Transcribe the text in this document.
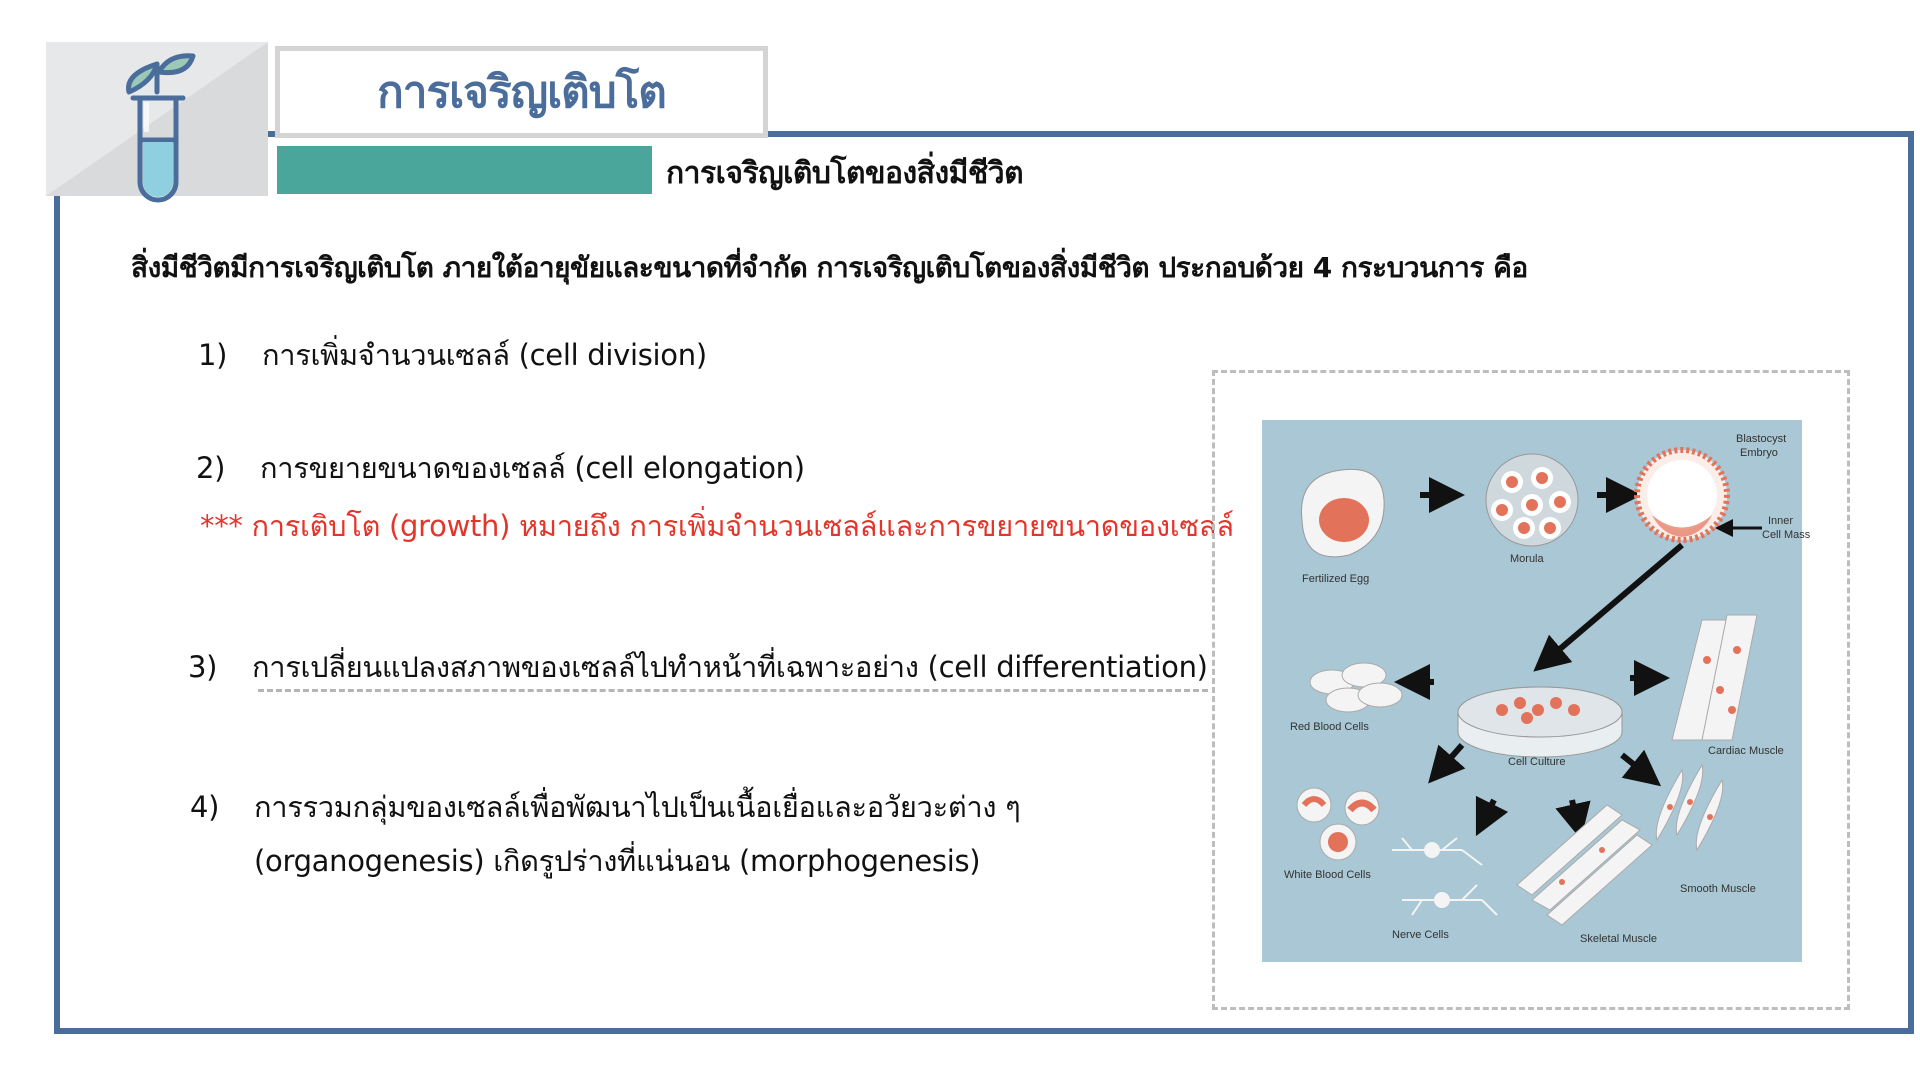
การเจริญเติบโต
การเจริญเติบโตของสิ่งมีชีวิต
สิ่งมีชีวิตมีการเจริญเติบโต ภายใต้อายุขัยและขนาดที่จำกัด การเจริญเติบโตของสิ่งมีชีวิต ประกอบด้วย 4 กระบวนการ คือ
1) การเพิ่มจำนวนเซลล์ (cell division)
2) การขยายขนาดของเซลล์ (cell elongation)
*** การเติบโต (growth) หมายถึง การเพิ่มจำนวนเซลล์และการขยายขนาดของเซลล์
3) การเปลี่ยนแปลงสภาพของเซลล์ไปทำหน้าที่เฉพาะอย่าง (cell differentiation)
4) การรวมกลุ่มของเซลล์เพื่อพัฒนาไปเป็นเนื้อเยื่อและอวัยวะต่าง ๆ
(organogenesis) เกิดรูปร่างที่แน่นอน (morphogenesis)
Fertilized Egg
Morula
Blastocyst
Embryo
Inner
Cell Mass
Cell Culture
Red Blood Cells
Cardiac Muscle
White Blood Cells
Nerve Cells	Skeletal Muscle
Smooth Muscle
